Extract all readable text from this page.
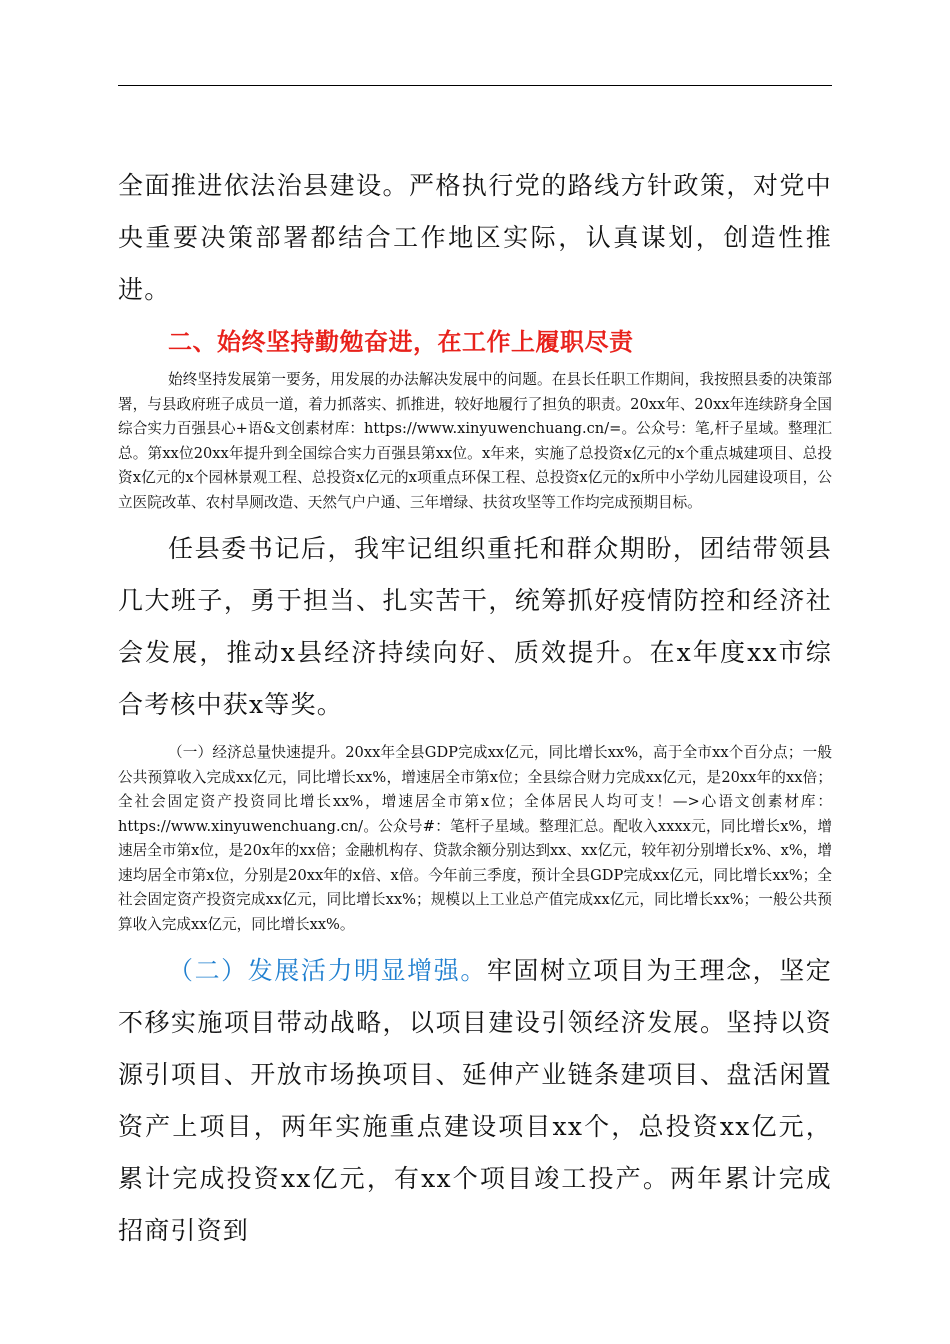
全面推进依法治县建设。严格执行党的路线方针政策，对党中央重要决策部署都结合工作地区实际，认真谋划，创造性推进。

二、始终坚持勤勉奋进，在工作上履职尽责

始终坚持发展第一要务，用发展的办法解决发展中的问题。在县长任职工作期间，我按照县委的决策部署，与县政府班子成员一道，着力抓落实、抓推进，较好地履行了担负的职责。20xx年、20xx年连续跻身全国综合实力百强县心+语&文创素材库：https://www.xinyuwenchuang.cn/=。公众号：笔,杆子星域。整理汇总。第xx位20xx年提升到全国综合实力百强县第xx位。x年来，实施了总投资x亿元的x个重点城建项目、总投资x亿元的x个园林景观工程、总投资x亿元的x项重点环保工程、总投资x亿元的x所中小学幼儿园建设项目，公立医院改革、农村旱厕改造、天然气户户通、三年增绿、扶贫攻坚等工作均完成预期目标。

任县委书记后，我牢记组织重托和群众期盼，团结带领县几大班子，勇于担当、扎实苦干，统筹抓好疫情防控和经济社会发展，推动x县经济持续向好、质效提升。在x年度xx市综合考核中获x等奖。

（一）经济总量快速提升。20xx年全县GDP完成xx亿元，同比增长xx%，高于全市xx个百分点；一般公共预算收入完成xx亿元，同比增长xx%，增速居全市第x位；全县综合财力完成xx亿元，是20xx年的xx倍；全社会固定资产投资同比增长xx%，增速居全市第x位；全体居民人均可支！—>心语文创素材库：https://www.xinyuwenchuang.cn/。公众号#：笔杆子星域。整理汇总。配收入xxxx元，同比增长x%，增速居全市第x位，是20x年的xx倍；金融机构存、贷款余额分别达到xx、xx亿元，较年初分别增长x%、x%，增速均居全市第x位，分别是20xx年的x倍、x倍。今年前三季度，预计全县GDP完成xx亿元，同比增长xx%；全社会固定资产投资完成xx亿元，同比增长xx%；规模以上工业总产值完成xx亿元，同比增长xx%；一般公共预算收入完成xx亿元，同比增长xx%。

（二）发展活力明显增强。牢固树立项目为王理念，坚定不移实施项目带动战略，以项目建设引领经济发展。坚持以资源引项目、开放市场换项目、延伸产业链条建项目、盘活闲置资产上项目，两年实施重点建设项目xx个，总投资xx亿元，累计完成投资xx亿元，有xx个项目竣工投产。两年累计完成招商引资到
